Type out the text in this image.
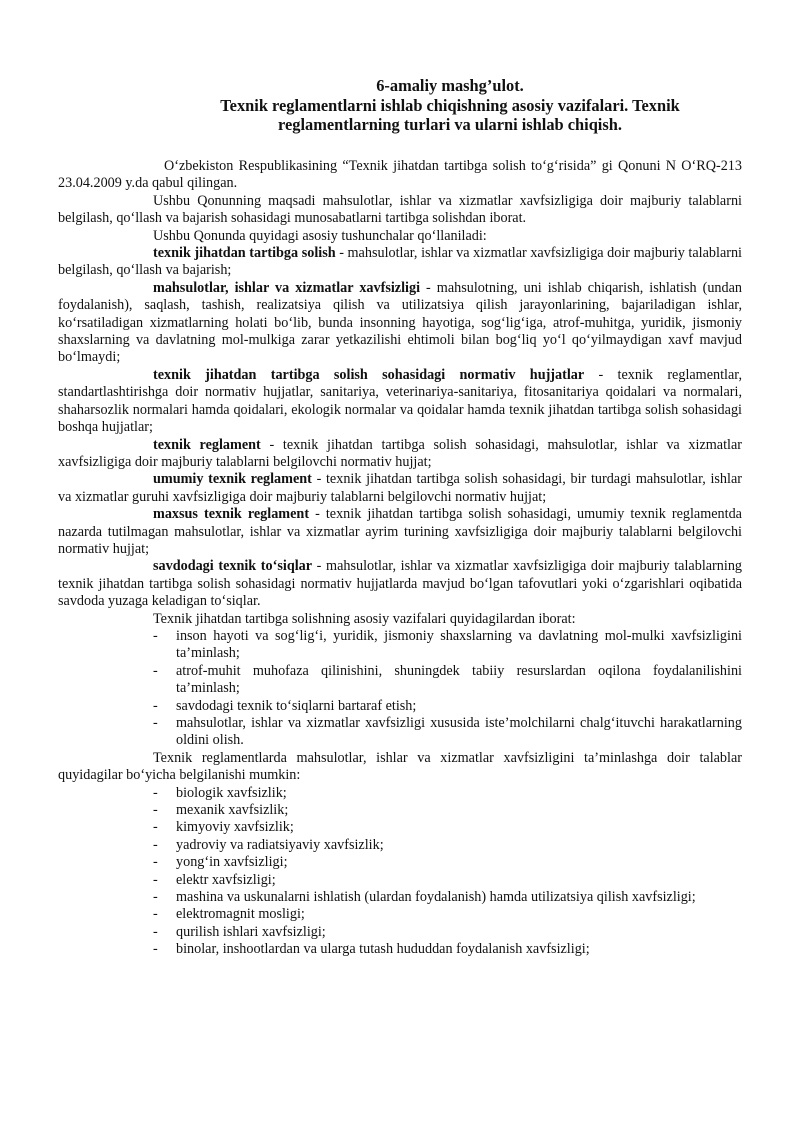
6-amaliy mashg’ulot.
Texnik reglamentlarni ishlab chiqishning asosiy vazifalari. Texnik
reglamentlarning turlari va ularni ishlab chiqish.

O‘zbekiston Respublikasining “Texnik jihatdan tartibga solish to‘g‘risida” gi Qonuni N O‘RQ-213 23.04.2009 y.da qabul qilingan.

Ushbu Qonunning maqsadi mahsulotlar, ishlar va xizmatlar xavfsizligiga doir majburiy talablarni belgilash, qo‘llash va bajarish sohasidagi munosabatlarni tartibga solishdan iborat.

Ushbu Qonunda quyidagi asosiy tushunchalar qo‘llaniladi:

texnik jihatdan tartibga solish - mahsulotlar, ishlar va xizmatlar xavfsizligiga doir majburiy talablarni belgilash, qo‘llash va bajarish;

mahsulotlar, ishlar va xizmatlar xavfsizligi - mahsulotning, uni ishlab chiqarish, ishlatish (undan foydalanish), saqlash, tashish, realizatsiya qilish va utilizatsiya qilish jarayonlarining, bajariladigan ishlar, ko‘rsatiladigan xizmatlarning holati bo‘lib, bunda insonning hayotiga, sog‘lig‘iga, atrof-muhitga, yuridik, jismoniy shaxslarning va davlatning mol-mulkiga zarar yetkazilishi ehtimoli bilan bog‘liq yo‘l qo‘yilmaydigan xavf mavjud bo‘lmaydi;

texnik jihatdan tartibga solish sohasidagi normativ hujjatlar - texnik reglamentlar, standartlashtirishga doir normativ hujjatlar, sanitariya, veterinariya-sanitariya, fitosanitariya qoidalari va normalari, shaharsozlik normalari hamda qoidalari, ekologik normalar va qoidalar hamda texnik jihatdan tartibga solish sohasidagi boshqa hujjatlar;

texnik reglament - texnik jihatdan tartibga solish sohasidagi, mahsulotlar, ishlar va xizmatlar xavfsizligiga doir majburiy talablarni belgilovchi normativ hujjat;

umumiy texnik reglament - texnik jihatdan tartibga solish sohasidagi, bir turdagi mahsulotlar, ishlar va xizmatlar guruhi xavfsizligiga doir majburiy talablarni belgilovchi normativ hujjat;

maxsus texnik reglament - texnik jihatdan tartibga solish sohasidagi, umumiy texnik reglamentda nazarda tutilmagan mahsulotlar, ishlar va xizmatlar ayrim turining xavfsizligiga doir majburiy talablarni belgilovchi normativ hujjat;

savdodagi texnik to‘siqlar - mahsulotlar, ishlar va xizmatlar xavfsizligiga doir majburiy talablarning texnik jihatdan tartibga solish sohasidagi normativ hujjatlarda mavjud bo‘lgan tafovutlari yoki o‘zgarishlari oqibatida savdoda yuzaga keladigan to‘siqlar.

Texnik jihatdan tartibga solishning asosiy vazifalari quyidagilardan iborat:

- inson hayoti va sog‘lig‘i, yuridik, jismoniy shaxslarning va davlatning mol-mulki xavfsizligini ta’minlash;
- atrof-muhit muhofaza qilinishini, shuningdek tabiiy resurslardan oqilona foydalanilishini ta’minlash;
- savdodagi texnik to‘siqlarni bartaraf etish;
- mahsulotlar, ishlar va xizmatlar xavfsizligi xususida iste’molchilarni chalg‘ituvchi harakatlarning oldini olish.

Texnik reglamentlarda mahsulotlar, ishlar va xizmatlar xavfsizligini ta’minlashga doir talablar quyidagilar bo‘yicha belgilanishi mumkin:

- biologik xavfsizlik;
- mexanik xavfsizlik;
- kimyoviy xavfsizlik;
- yadroviy va radiatsiyaviy xavfsizlik;
- yong‘in xavfsizligi;
- elektr xavfsizligi;
- mashina va uskunalarni ishlatish (ulardan foydalanish) hamda utilizatsiya qilish xavfsizligi;
- elektromagnit mosligi;
- qurilish ishlari xavfsizligi;
- binolar, inshootlardan va ularga tutash hududdan foydalanish xavfsizligi;
